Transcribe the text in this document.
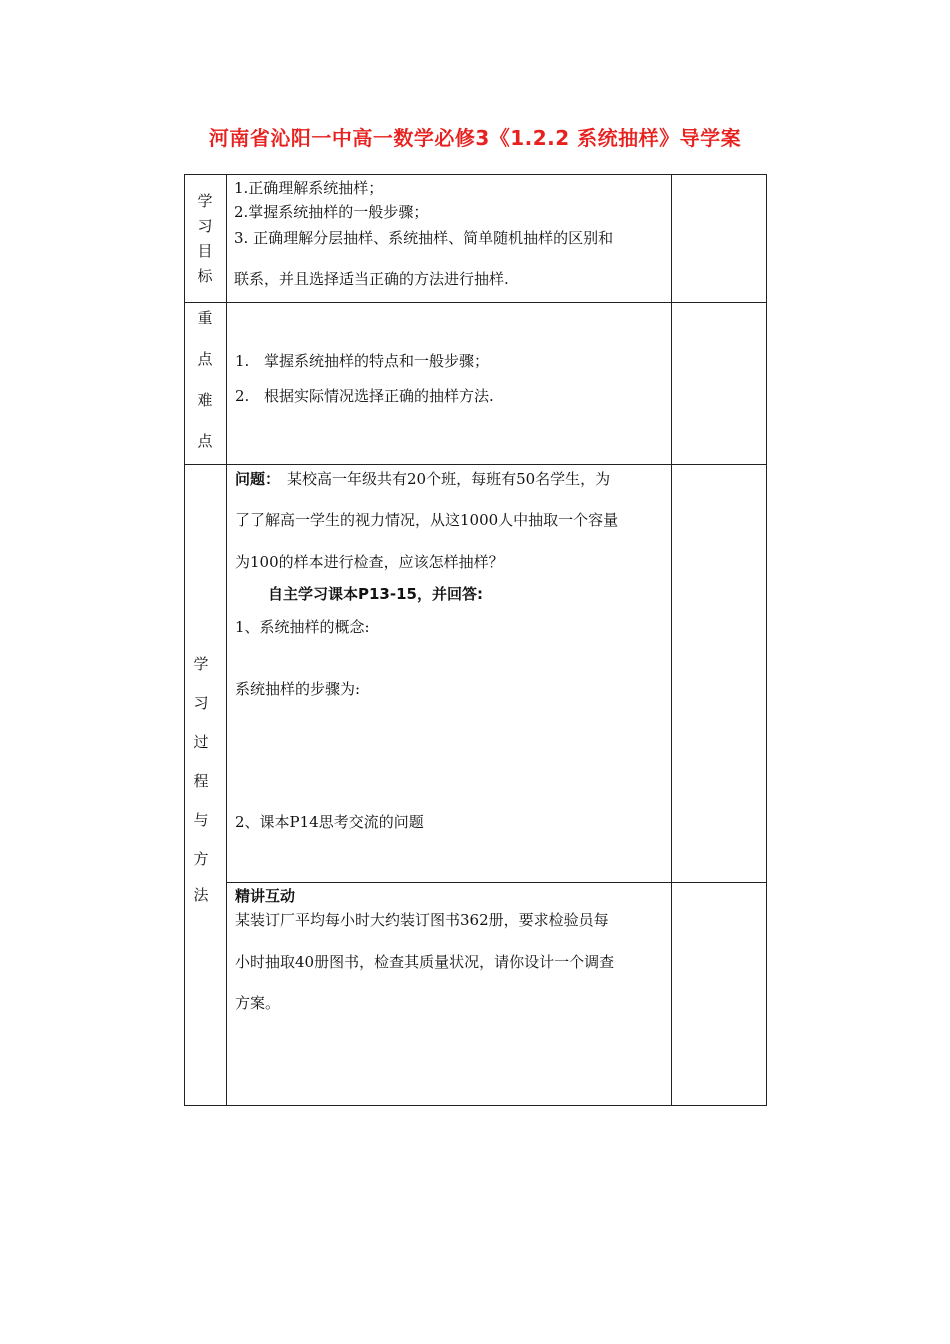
河南省沁阳一中高一数学必修3《1.2.2 系统抽样》导学案
学
习
目
标
1.正确理解系统抽样；
2.掌握系统抽样的一般步骤；
3. 正确理解分层抽样、系统抽样、简单随机抽样的区别和
联系，并且选择适当正确的方法进行抽样.
重
点
难
点
1. 掌握系统抽样的特点和一般步骤；
2. 根据实际情况选择正确的抽样方法.
学
习
过
程
与
方
法
问题： 某校高一年级共有20个班，每班有50名学生，为
了了解高一学生的视力情况，从这1000人中抽取一个容量
为100的样本进行检查，应该怎样抽样？
自主学习课本P13-15，并回答:
1、系统抽样的概念:
系统抽样的步骤为:
2、课本P14思考交流的问题
精讲互动
某装订厂平均每小时大约装订图书362册，要求检验员每
小时抽取40册图书，检查其质量状况，请你设计一个调查
方案。
